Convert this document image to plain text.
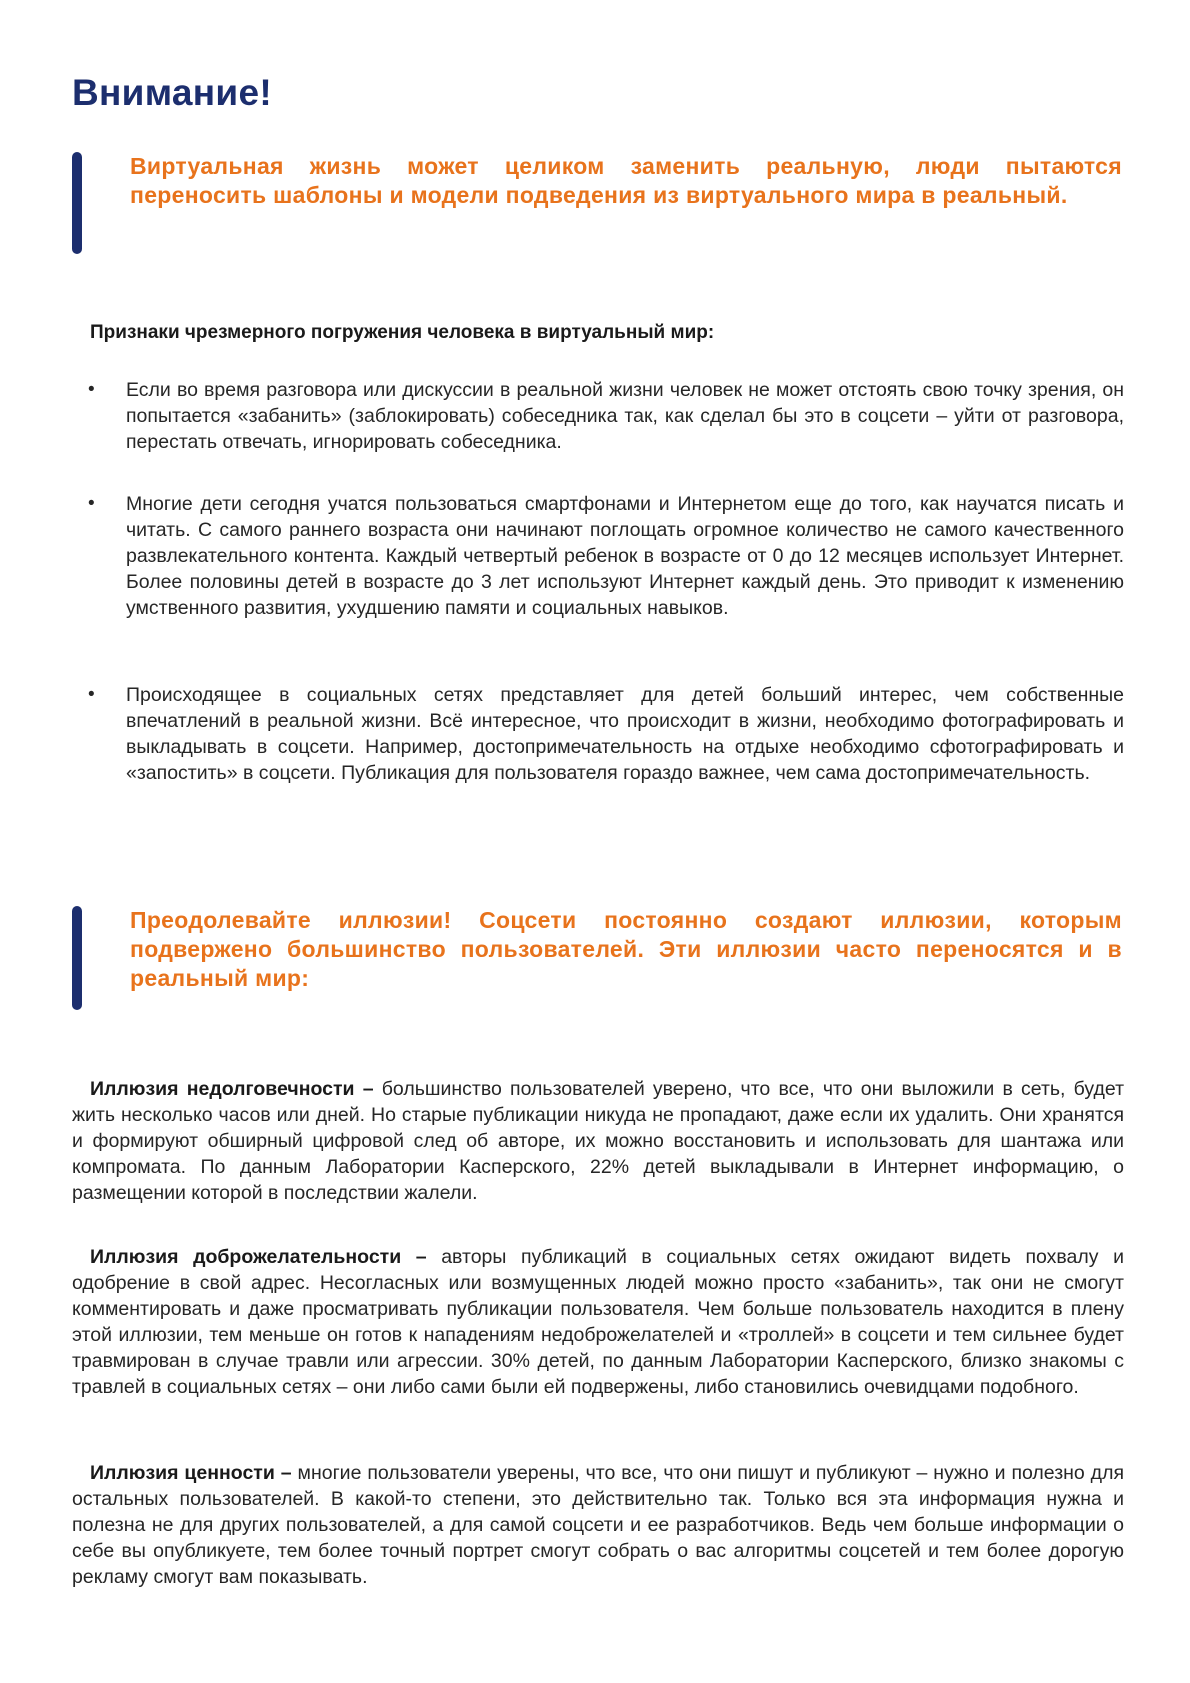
Внимание!

Виртуальная жизнь может целиком заменить реальную, люди пытаются переносить шаблоны и модели подведения из виртуального мира в реальный.

Признаки чрезмерного погружения человека в виртуальный мир:
• Если во время разговора или дискуссии в реальной жизни человек не может отстоять свою точку зрения, он попытается «забанить» (заблокировать) собеседника так, как сделал бы это в соцсети – уйти от разговора, перестать отвечать, игнорировать собеседника.

• Многие дети сегодня учатся пользоваться смартфонами и Интернетом еще до того, как научатся писать и читать. С самого раннего возраста они начинают поглощать огромное количество не самого качественного развлекательного контента. Каждый четвертый ребенок в возрасте от 0 до 12 месяцев использует Интернет. Более половины детей в возрасте до 3 лет используют Интернет каждый день. Это приводит к изменению умственного развития, ухудшению памяти и социальных навыков.

• Происходящее в социальных сетях представляет для детей больший интерес, чем собственные впечатлений в реальной жизни. Всё интересное, что происходит в жизни, необходимо фотографировать и выкладывать в соцсети. Например, достопримечательность на отдыхе необходимо сфотографировать и «запостить» в соцсети. Публикация для пользователя гораздо важнее, чем сама достопримечательность.

Преодолевайте иллюзии! Соцсети постоянно создают иллюзии, которым подвержено большинство пользователей. Эти иллюзии часто переносятся и в реальный мир:

Иллюзия недолговечности – большинство пользователей уверено, что все, что они выложили в сеть, будет жить несколько часов или дней. Но старые публикации никуда не пропадают, даже если их удалить. Они хранятся и формируют обширный цифровой след об авторе, их можно восстановить и использовать для шантажа или компромата. По данным Лаборатории Касперского, 22% детей выкладывали в Интернет информацию, о размещении которой в последствии жалели.

Иллюзия доброжелательности – авторы публикаций в социальных сетях ожидают видеть похвалу и одобрение в свой адрес. Несогласных или возмущенных людей можно просто «забанить», так они не смогут комментировать и даже просматривать публикации пользователя. Чем больше пользователь находится в плену этой иллюзии, тем меньше он готов к нападениям недоброжелателей и «троллей» в соцсети и тем сильнее будет травмирован в случае травли или агрессии. 30% детей, по данным Лаборатории Касперского, близко знакомы с травлей в социальных сетях – они либо сами были ей подвержены, либо становились очевидцами подобного.

Иллюзия ценности – многие пользователи уверены, что все, что они пишут и публикуют – нужно и полезно для остальных пользователей. В какой-то степени, это действительно так. Только вся эта информация нужна и полезна не для других пользователей, а для самой соцсети и ее разработчиков. Ведь чем больше информации о себе вы опубликуете, тем более точный портрет смогут собрать о вас алгоритмы соцсетей и тем более дорогую рекламу смогут вам показывать.
